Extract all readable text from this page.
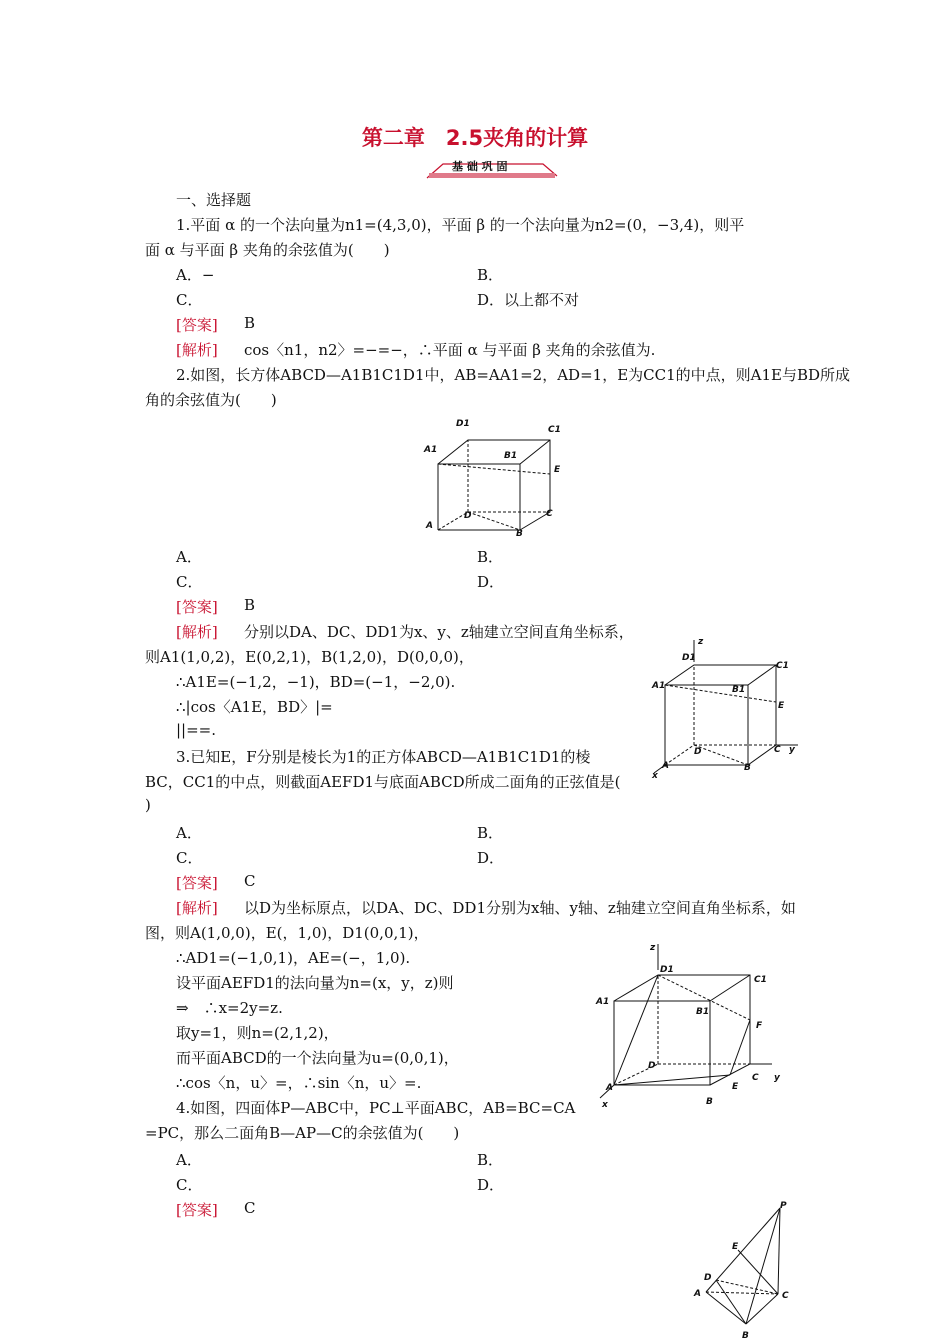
第二章　2.5夹角的计算
基 础 巩 固
一、选择题
1.平面 α 的一个法向量为n1=(4,3,0)，平面 β 的一个法向量为n2=(0，−3,4)，则平
面 α 与平面 β 夹角的余弦值为(　　)
A．−	B．
C．	D．以上都不对
[答案] B
[解析] cos〈n1，n2〉=−=−，∴平面 α 与平面 β 夹角的余弦值为.
2.如图，长方体ABCD—A1B1C1D1中，AB=AA1=2，AD=1，E为CC1的中点，则A1E与BD所成
角的余弦值为(　　)
D1
C1
A1
B1
E
A
D	C
B
A．	B．
C．	D．
[答案] B
[解析] 分别以DA、DC、DD1为x、y、z轴建立空间直角坐标系，
则A1(1,0,2)，E(0,2,1)，B(1,2,0)，D(0,0,0)，
∴A1E=(−1,2，−1)，BD=(−1，−2,0).
∴|cos〈A1E，BD〉|=
||==.
z
D1
C1
A1	B1
E
D	C y
A
x
B
3.已知E，F分别是棱长为1的正方体ABCD—A1B1C1D1的棱
BC，CC1的中点，则截面AEFD1与底面ABCD所成二面角的正弦值是(
)
A．	B．
C．	D．
[答案] C
[解析] 以D为坐标原点，以DA、DC、DD1分别为x轴、y轴、z轴建立空间直角坐标系，如
图，则A(1,0,0)，E(，1,0)，D1(0,0,1)，
∴AD1=(−1,0,1)，AE=(−，1,0).
设平面AEFD1的法向量为n=(x，y，z)则
⇒　∴x=2y=z.
取y=1，则n=(2,1,2)，
而平面ABCD的一个法向量为u=(0,0,1)，
∴cos〈n，u〉=，∴sin〈n，u〉=.
z
D1
C1
A1
B1
F
D
C y
A	E
x	B
4.如图，四面体P—ABC中，PC⊥平面ABC，AB=BC=CA
=PC，那么二面角B—AP—C的余弦值为(　　)
A．	B．
C．	D．
[答案] C	P
E
D
A	C
B
